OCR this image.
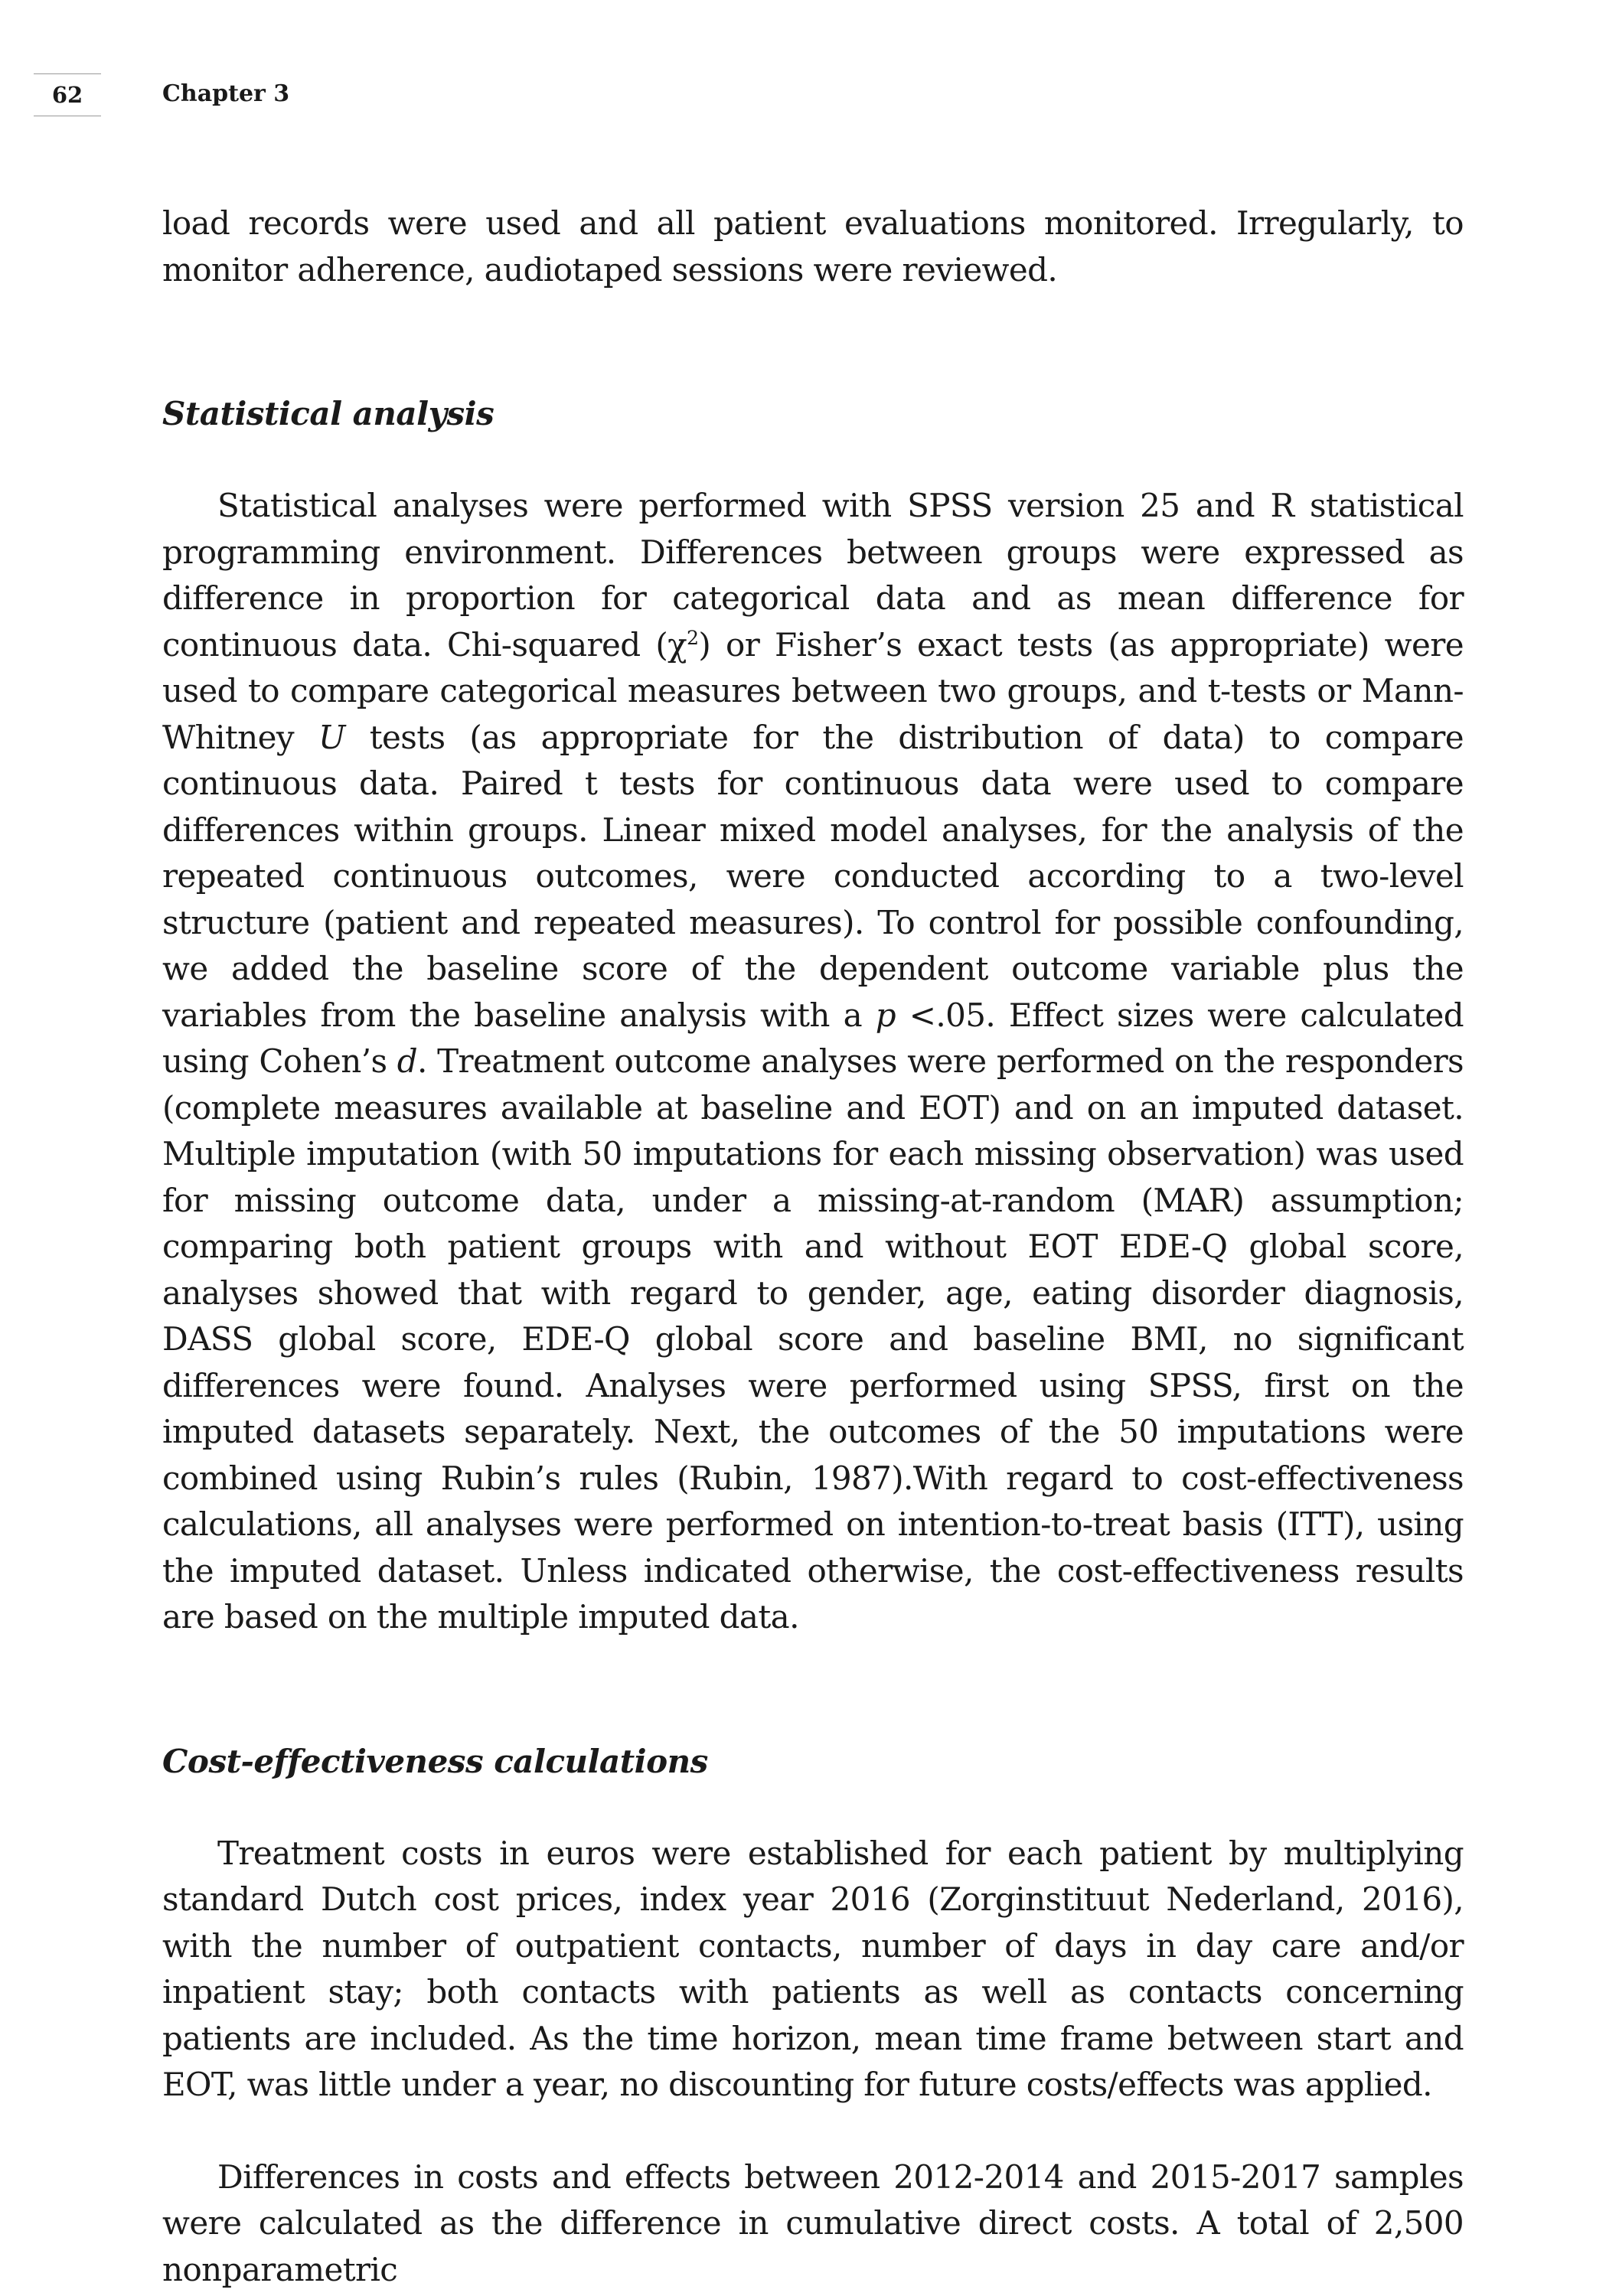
62	Chapter 3

load records were used and all patient evaluations monitored. Irregularly, to monitor adherence, audiotaped sessions were reviewed.

Statistical analysis

Statistical analyses were performed with SPSS version 25 and R statistical programming environment. Differences between groups were expressed as difference in proportion for categorical data and as mean difference for continuous data. Chi-squared $(\chi^2)$ or Fisher’s exact tests (as appropriate) were used to compare categorical measures between two groups, and t-tests or Mann-Whitney U tests (as appropriate for the distribution of data) to compare continuous data. Paired t tests for continuous data were used to compare differences within groups. Linear mixed model analyses, for the analysis of the repeated continuous outcomes, were conducted according to a two-level structure (patient and repeated measures). To control for possible confounding, we added the baseline score of the dependent outcome variable plus the variables from the baseline analysis with a p <.05. Effect sizes were calculated using Cohen’s d. Treatment outcome analyses were performed on the responders (complete measures available at baseline and EOT) and on an imputed dataset. Multiple imputation (with 50 imputations for each missing observation) was used for missing outcome data, under a missing-at-random (MAR) assumption; comparing both patient groups with and without EOT EDE-Q global score, analyses showed that with regard to gender, age, eating disorder diagnosis, DASS global score, EDE-Q global score and baseline BMI, no significant differences were found. Analyses were performed using SPSS, first on the imputed datasets separately. Next, the outcomes of the 50 imputations were combined using Rubin’s rules (Rubin, 1987).With regard to cost-effectiveness calculations, all analyses were performed on intention-to-treat basis (ITT), using the imputed dataset. Unless indicated otherwise, the cost-effectiveness results are based on the multiple imputed data.

Cost-effectiveness calculations

Treatment costs in euros were established for each patient by multiplying standard Dutch cost prices, index year 2016 (Zorginstituut Nederland, 2016), with the number of outpatient contacts, number of days in day care and/or inpatient stay; both contacts with patients as well as contacts concerning patients are included. As the time horizon, mean time frame between start and EOT, was little under a year, no discounting for future costs/effects was applied.

Differences in costs and effects between 2012-2014 and 2015-2017 samples were calculated as the difference in cumulative direct costs. A total of 2,500 nonparametric
